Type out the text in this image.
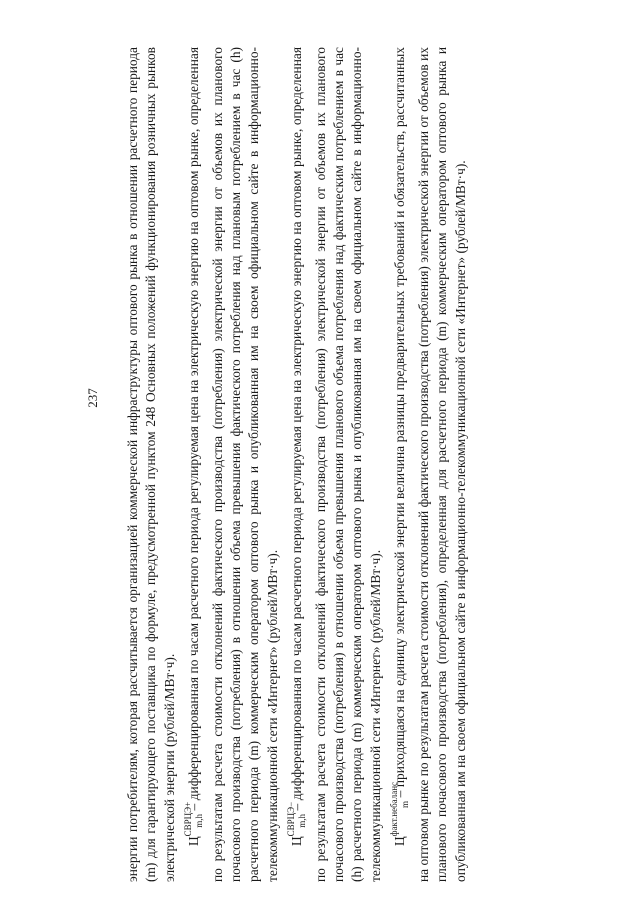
237 энергии потребителям, которая рассчитывается организацией коммерческой инфраструктуры оптового рынка в отношении расчетного периода (m) для гарантирующего поставщика по формуле, предусмотренной пунктом 248 Основных положений функционирования розничных рынков электрической энергии (рублей/МВт·ч). $Ц^{СВРЦЭ+}_{m,h}$ – дифференцированная по часам расчетного периода регулируемая цена на электрическую энергию на оптовом рынке, определенная по результатам расчета стоимости отклонений фактического производства (потребления) электрической энергии от объемов их планового почасового производства (потребления) в отношении объема превышения фактического потребления над плановым потреблением в час (h) расчетного периода (m) коммерческим оператором оптового рынка и опубликованная им на своем официальном сайте в информационно-телекоммуникационной сети «Интернет» (рублей/МВт·ч). $Ц^{СВРЦЭ-}_{m,h}$ – дифференцированная по часам расчетного периода регулируемая цена на электрическую энергию на оптовом рынке, определенная по результатам расчета стоимости отклонений фактического производства (потребления) электрической энергии от объемов их планового почасового производства (потребления) в отношении объема превышения планового объема потребления над фактическим потреблением в час (h) расчетного периода (m) коммерческим оператором оптового рынка и опубликованная им на своем официальном сайте в информационно-телекоммуникационной сети «Интернет» (рублей/МВт·ч). $Ц^{факт.небаланс}_m$ – приходящаяся на единицу электрической энергии величина разницы предварительных требований и обязательств, рассчитанных на оптовом рынке по результатам расчета стоимости отклонений фактического производства (потребления) электрической энергии от объемов их планового почасового производства (потребления), определенная для расчетного периода (m) коммерческим оператором оптового рынка и опубликованная им на своем официальном сайте в информационно-телекоммуникационной сети «Интернет» (рублей/МВт·ч).
